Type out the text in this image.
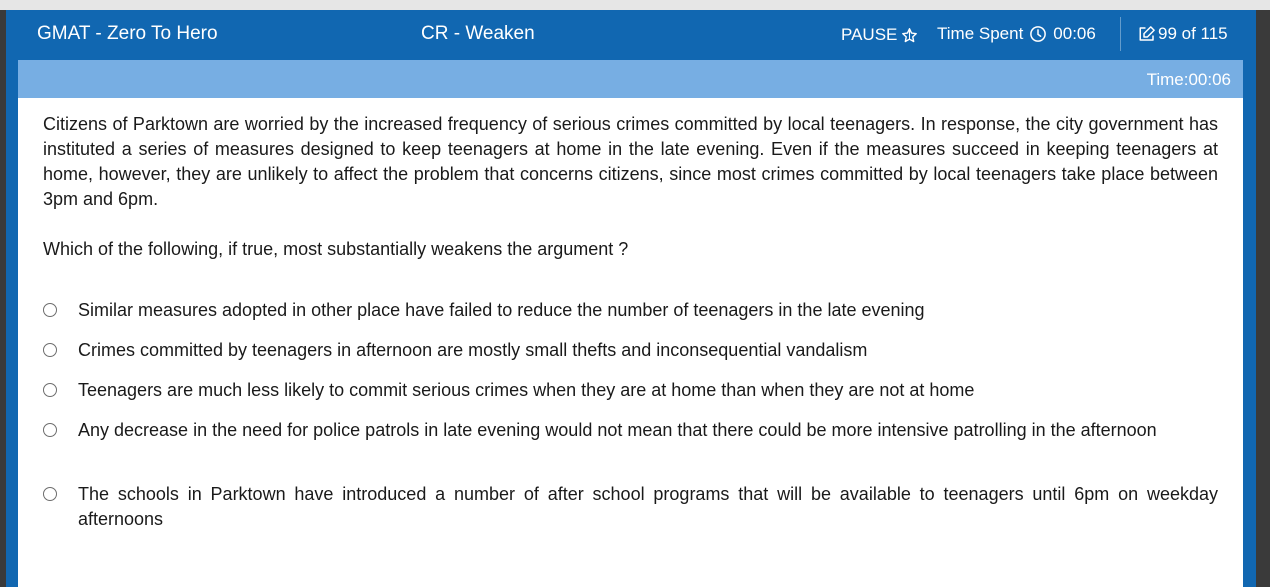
GMAT - Zero To Hero	CR - Weaken	PAUSE Time Spent 00:06	99 of 115
Time:00:06

Citizens of Parktown are worried by the increased frequency of serious crimes committed by local teenagers. In response, the city government has instituted a series of measures designed to keep teenagers at home in the late evening. Even if the measures succeed in keeping teenagers at home, however, they are unlikely to affect the problem that concerns citizens, since most crimes committed by local teenagers take place between 3pm and 6pm.

Which of the following, if true, most substantially weakens the argument ?

Similar measures adopted in other place have failed to reduce the number of teenagers in the late evening
Crimes committed by teenagers in afternoon are mostly small thefts and inconsequential vandalism
Teenagers are much less likely to commit serious crimes when they are at home than when they are not at home
Any decrease in the need for police patrols in late evening would not mean that there could be more intensive patrolling in the afternoon
The schools in Parktown have introduced a number of after school programs that will be available to teenagers until 6pm on weekday afternoons
